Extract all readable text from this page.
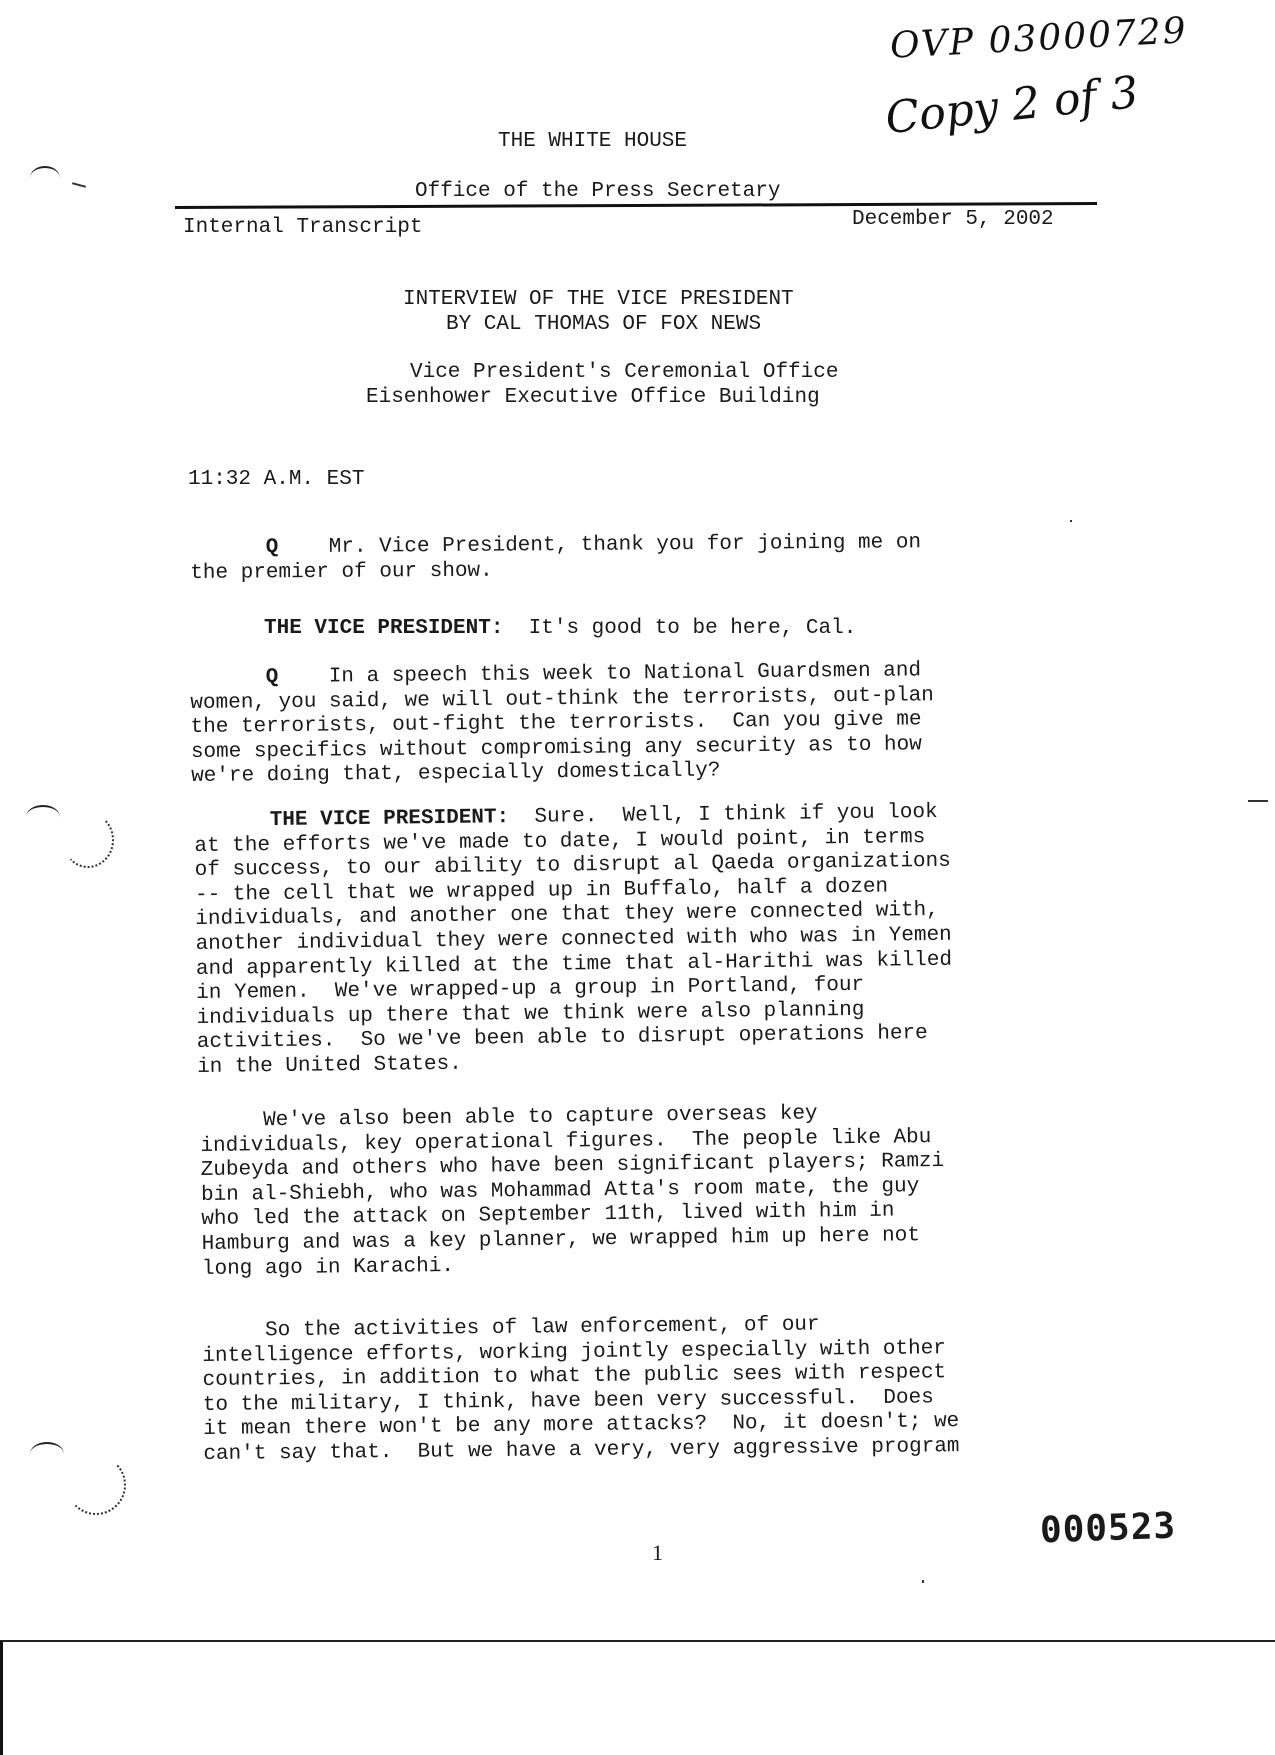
OVP 03000729
Copy 2 of 3
THE WHITE HOUSE
Office of the Press Secretary
Internal Transcript	December 5, 2002
INTERVIEW OF THE VICE PRESIDENT
BY CAL THOMAS OF FOX NEWS
Vice President's Ceremonial Office
Eisenhower Executive Office Building
11:32 A.M. EST
Q Mr. Vice President, thank you for joining me on
the premier of our show.
THE VICE PRESIDENT: It's good to be here, Cal.
Q In a speech this week to National Guardsmen and
women, you said, we will out-think the terrorists, out-plan
the terrorists, out-fight the terrorists.  Can you give me
some specifics without compromising any security as to how
we're doing that, especially domestically?
THE VICE PRESIDENT: Sure.  Well, I think if you look
at the efforts we've made to date, I would point, in terms
of success, to our ability to disrupt al Qaeda organizations
-- the cell that we wrapped up in Buffalo, half a dozen
individuals, and another one that they were connected with,
another individual they were connected with who was in Yemen
and apparently killed at the time that al-Harithi was killed
in Yemen.  We've wrapped-up a group in Portland, four
individuals up there that we think were also planning
activities.  So we've been able to disrupt operations here
in the United States.
We've also been able to capture overseas key
individuals, key operational figures.  The people like Abu
Zubeyda and others who have been significant players; Ramzi
bin al-Shiebh, who was Mohammad Atta's room mate, the guy
who led the attack on September 11th, lived with him in
Hamburg and was a key planner, we wrapped him up here not
long ago in Karachi.
So the activities of law enforcement, of our
intelligence efforts, working jointly especially with other
countries, in addition to what the public sees with respect
to the military, I think, have been very successful.  Does
it mean there won't be any more attacks?  No, it doesn't; we
can't say that.  But we have a very, very aggressive program
000523
1
